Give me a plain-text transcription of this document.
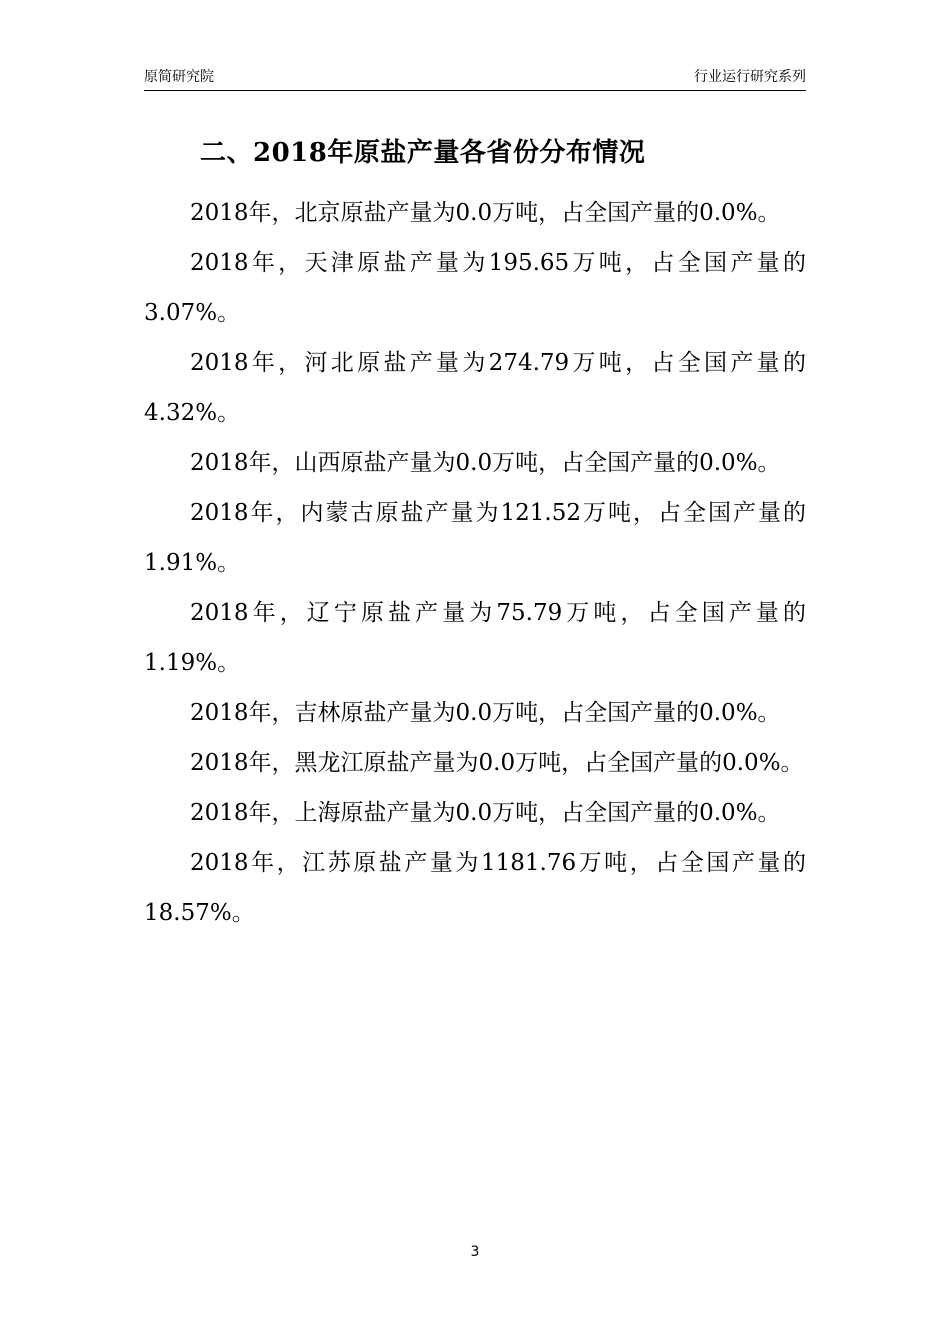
原简研究院	行业运行研究系列
二、2018年原盐产量各省份分布情况

2018年，北京原盐产量为0.0万吨，占全国产量的0.0%。

2018年，天津原盐产量为195.65万吨，占全国产量的3.07%。

2018年，河北原盐产量为274.79万吨，占全国产量的4.32%。

2018年，山西原盐产量为0.0万吨，占全国产量的0.0%。

2018年，内蒙古原盐产量为121.52万吨，占全国产量的1.91%。

2018年，辽宁原盐产量为75.79万吨，占全国产量的1.19%。

2018年，吉林原盐产量为0.0万吨，占全国产量的0.0%。

2018年，黑龙江原盐产量为0.0万吨，占全国产量的0.0%。

2018年，上海原盐产量为0.0万吨，占全国产量的0.0%。

2018年，江苏原盐产量为1181.76万吨，占全国产量的18.57%。

3
